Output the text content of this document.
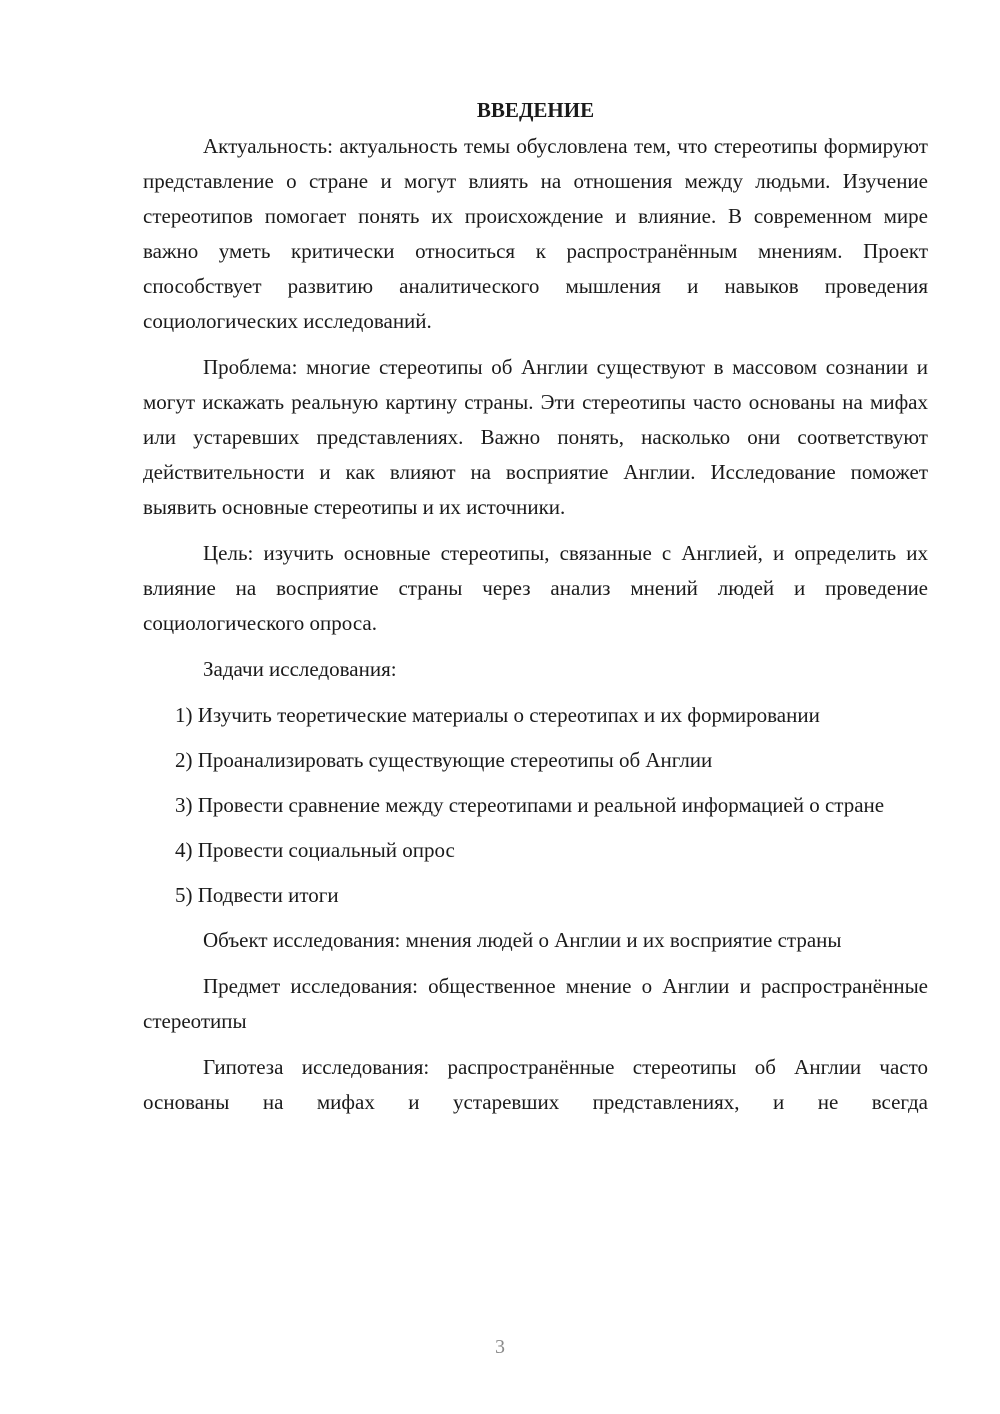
ВВЕДЕНИЕ

Актуальность: актуальность темы обусловлена тем, что стереотипы формируют представление о стране и могут влиять на отношения между людьми. Изучение стереотипов помогает понять их происхождение и влияние. В современном мире важно уметь критически относиться к распространённым мнениям. Проект способствует развитию аналитического мышления и навыков проведения социологических исследований.

Проблема: многие стереотипы об Англии существуют в массовом сознании и могут искажать реальную картину страны. Эти стереотипы часто основаны на мифах или устаревших представлениях. Важно понять, насколько они соответствуют действительности и как влияют на восприятие Англии. Исследование поможет выявить основные стереотипы и их источники.

Цель: изучить основные стереотипы, связанные с Англией, и определить их влияние на восприятие страны через анализ мнений людей и проведение социологического опроса.

Задачи исследования:

1) Изучить теоретические материалы о стереотипах и их формировании

2) Проанализировать существующие стереотипы об Англии

3) Провести сравнение между стереотипами и реальной информацией о стране

4) Провести социальный опрос

5) Подвести итоги

Объект исследования: мнения людей о Англии и их восприятие страны

Предмет исследования: общественное мнение о Англии и распространённые стереотипы

Гипотеза исследования: распространённые стереотипы об Англии часто основаны на мифах и устаревших представлениях, и не всегда

3
